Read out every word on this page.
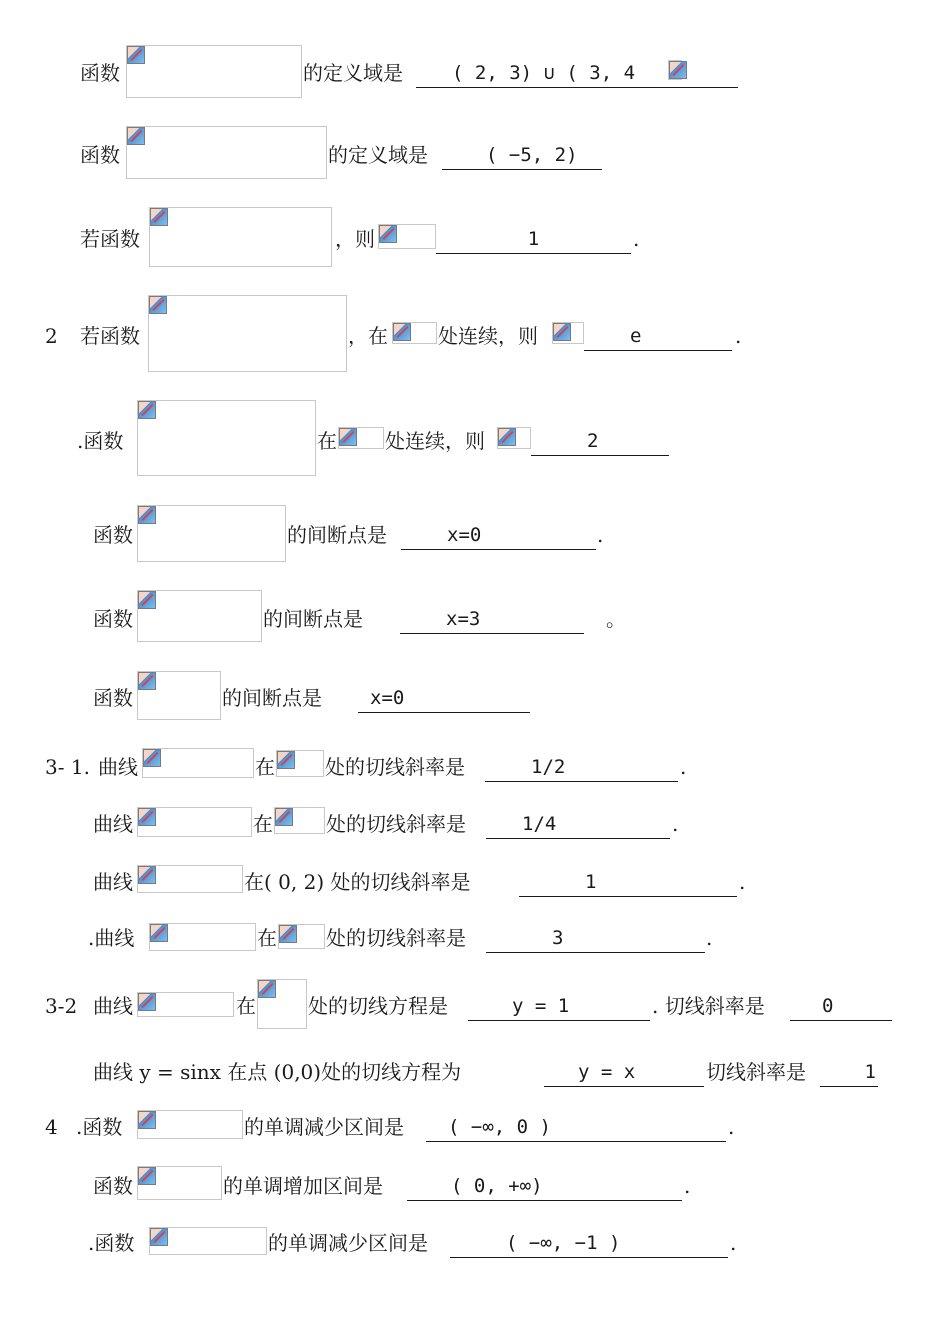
函数	的定义域是	( 2, 3) ∪ ( 3, 4
函数	的定义域是	( −5, 2)
若函数	，则	1	.
2 若函数	，在	处连续，则	e	.
.函数	在 处连续，则	2
函数	的间断点是	x=0	.
函数	的间断点是	x=3	。
函数	的间断点是	x=0
3- 1. 曲线	在	处的切线斜率是	1/2	.
曲线	在	处的切线斜率是	1/4	.
曲线	在( 0, 2) 处的切线斜率是	1	.
.曲线	在 处的切线斜率是	3	.
3-2 曲线	在	处的切线方程是	y = 1	. 切线斜率是	0
曲线 y = sinx 在点 (0,0)处的切线方程为	y = x	切线斜率是	1
4 .函数	的单调减少区间是	( −∞, 0 )	.
函数	的单调增加区间是	( 0, +∞)	.
.函数	的单调减少区间是	( −∞, −1 )	.
